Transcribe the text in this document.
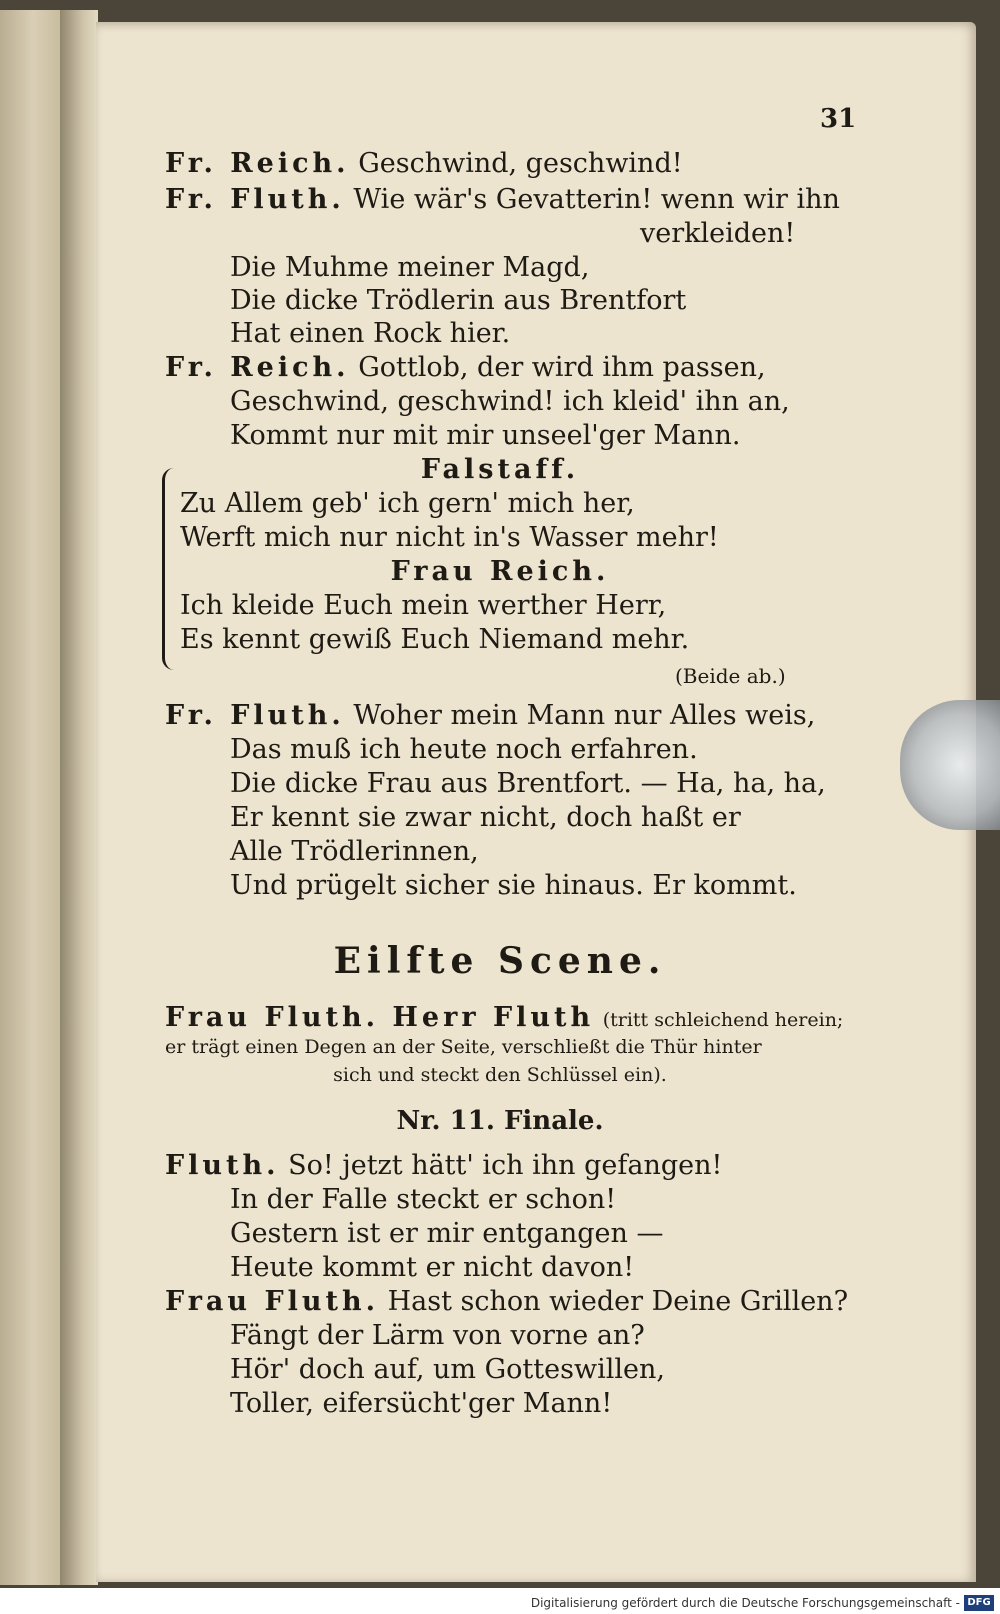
31
Fr. Reich. Geschwind, geschwind!
Fr. Fluth. Wie wär's Gevatterin! wenn wir ihn
verkleiden!
Die Muhme meiner Magd,
Die dicke Trödlerin aus Brentfort
Hat einen Rock hier.
Fr. Reich. Gottlob, der wird ihm passen,
Geschwind, geschwind! ich kleid' ihn an,
Kommt nur mit mir unseel'ger Mann.
Falstaff.
Zu Allem geb' ich gern' mich her,
Werft mich nur nicht in's Wasser mehr!
Frau Reich.
Ich kleide Euch mein werther Herr,
Es kennt gewiß Euch Niemand mehr.
(Beide ab.)
Fr. Fluth. Woher mein Mann nur Alles weis,
Das muß ich heute noch erfahren.
Die dicke Frau aus Brentfort. — Ha, ha, ha,
Er kennt sie zwar nicht, doch haßt er
Alle Trödlerinnen,
Und prügelt sicher sie hinaus. Er kommt.
Eilfte Scene.
Frau Fluth. Herr Fluth (tritt schleichend herein;
er trägt einen Degen an der Seite, verschließt die Thür hinter
sich und steckt den Schlüssel ein).
Nr. 11. Finale.
Fluth. So! jetzt hätt' ich ihn gefangen!
In der Falle steckt er schon!
Gestern ist er mir entgangen —
Heute kommt er nicht davon!
Frau Fluth. Hast schon wieder Deine Grillen?
Fängt der Lärm von vorne an?
Hör' doch auf, um Gotteswillen,
Toller, eifersücht'ger Mann!
Digitalisierung gefördert durch die Deutsche Forschungsgemeinschaft - DFG
